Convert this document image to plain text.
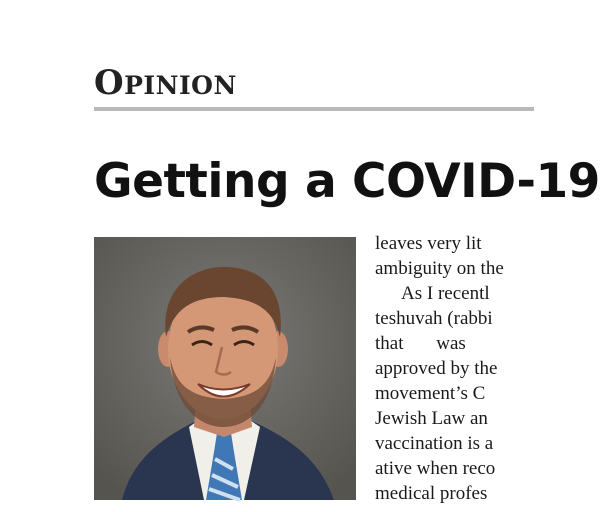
OPINION
Getting a COVID-19
leaves very lit
ambiguity on the
As I recentl
teshuvah (rabbi
that was
approved by the
movement’s C
Jewish Law an
vaccination is a
ative when reco
medical profes
